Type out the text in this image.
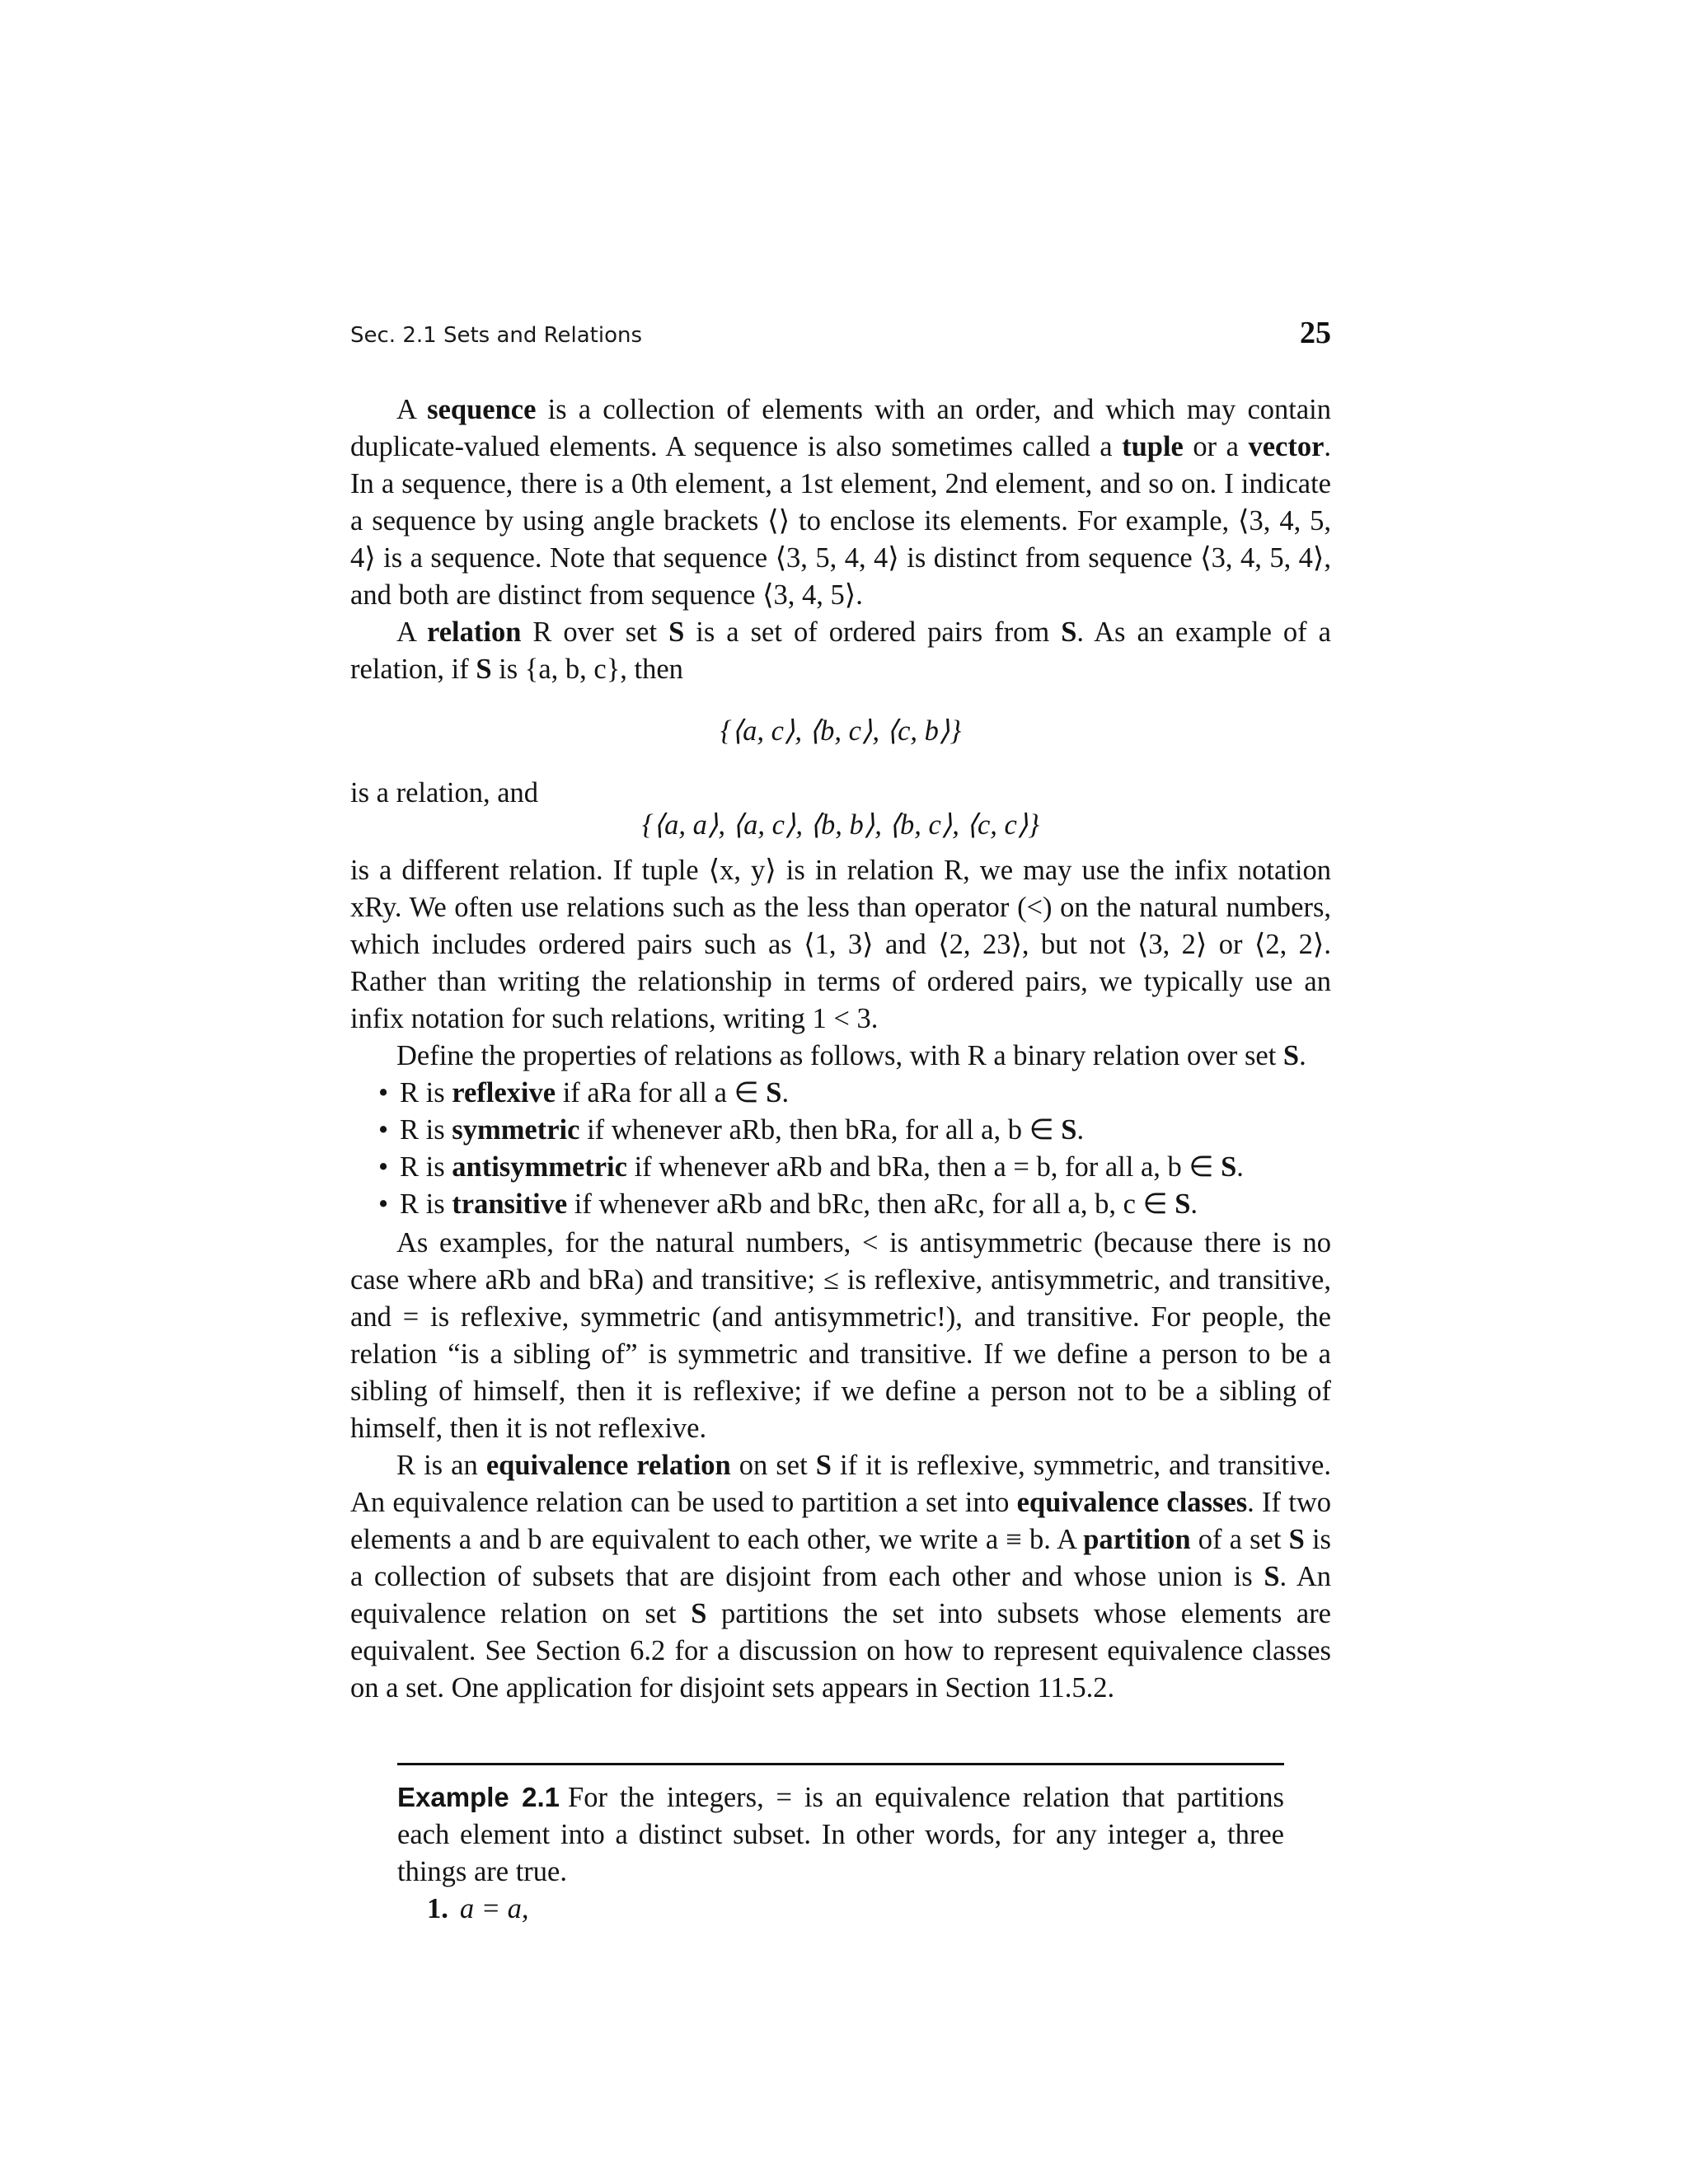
Sec. 2.1 Sets and Relations	25

A sequence is a collection of elements with an order, and which may contain duplicate-valued elements. A sequence is also sometimes called a tuple or a vector. In a sequence, there is a 0th element, a 1st element, 2nd element, and so on. I indicate a sequence by using angle brackets ⟨⟩ to enclose its elements. For example, ⟨3, 4, 5, 4⟩ is a sequence. Note that sequence ⟨3, 5, 4, 4⟩ is distinct from sequence ⟨3, 4, 5, 4⟩, and both are distinct from sequence ⟨3, 4, 5⟩.

A relation R over set S is a set of ordered pairs from S. As an example of a relation, if S is {a, b, c}, then

{⟨a, c⟩, ⟨b, c⟩, ⟨c, b⟩}

is a relation, and

{⟨a, a⟩, ⟨a, c⟩, ⟨b, b⟩, ⟨b, c⟩, ⟨c, c⟩}

is a different relation. If tuple ⟨x, y⟩ is in relation R, we may use the infix notation xRy. We often use relations such as the less than operator (<) on the natural numbers, which includes ordered pairs such as ⟨1, 3⟩ and ⟨2, 23⟩, but not ⟨3, 2⟩ or ⟨2, 2⟩. Rather than writing the relationship in terms of ordered pairs, we typically use an infix notation for such relations, writing 1 < 3.

Define the properties of relations as follows, with R a binary relation over set S.

• R is reflexive if aRa for all a ∈ S.
• R is symmetric if whenever aRb, then bRa, for all a, b ∈ S.
• R is antisymmetric if whenever aRb and bRa, then a = b, for all a, b ∈ S.
• R is transitive if whenever aRb and bRc, then aRc, for all a, b, c ∈ S.

As examples, for the natural numbers, < is antisymmetric (because there is no case where aRb and bRa) and transitive; ≤ is reflexive, antisymmetric, and transitive, and = is reflexive, symmetric (and antisymmetric!), and transitive. For people, the relation “is a sibling of” is symmetric and transitive. If we define a person to be a sibling of himself, then it is reflexive; if we define a person not to be a sibling of himself, then it is not reflexive.

R is an equivalence relation on set S if it is reflexive, symmetric, and transitive. An equivalence relation can be used to partition a set into equivalence classes. If two elements a and b are equivalent to each other, we write a ≡ b. A partition of a set S is a collection of subsets that are disjoint from each other and whose union is S. An equivalence relation on set S partitions the set into subsets whose elements are equivalent. See Section 6.2 for a discussion on how to represent equivalence classes on a set. One application for disjoint sets appears in Section 11.5.2.

Example 2.1 For the integers, = is an equivalence relation that partitions each element into a distinct subset. In other words, for any integer a, three things are true.

1. a = a,
